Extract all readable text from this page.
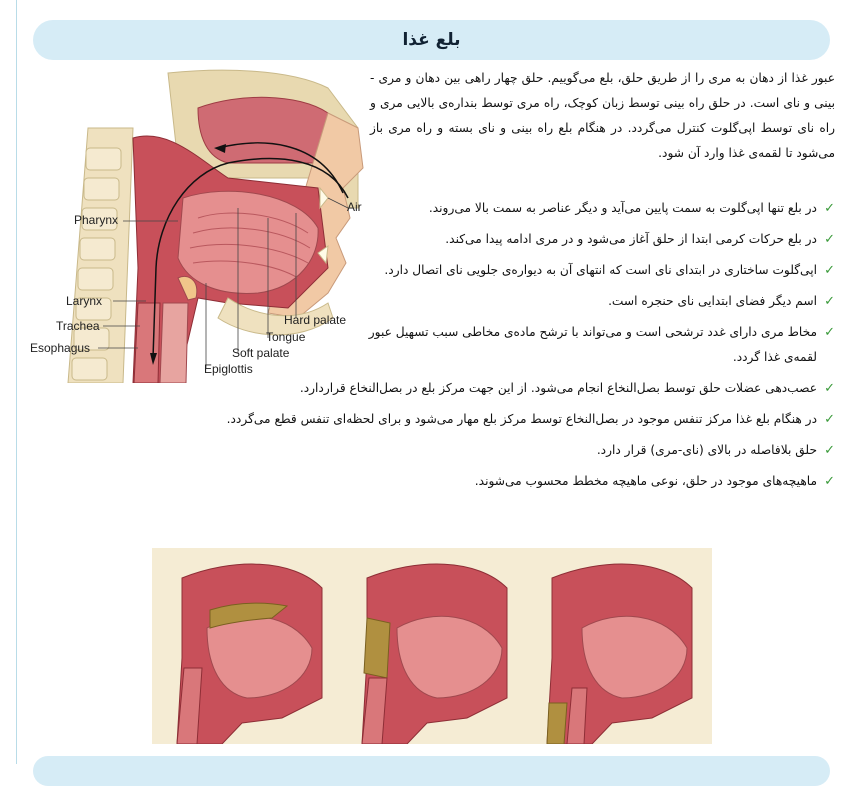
بلع غذا
Pharynx
Air
Larynx
Trachea
Esophagus
Hard palate
Tongue
Soft palate
Epiglottis

عبور غذا از دهان به مری را از طریق حلق، بلع می‌گوییم. حلق چهار راهی بین دهان و مری - بینی و نای است. در حلق راه بینی توسط زبان کوچک، راه مری توسط بنداره‌ی بالایی مری و راه نای توسط اپی‌گلوت کنترل می‌گردد. در هنگام بلع راه بینی و نای بسته و راه مری باز می‌شود تا لقمه‌ی غذا وارد آن شود.

✓
در بلع تنها اپی‌گلوت به سمت پایین می‌آید و دیگر عناصر به سمت بالا می‌روند.
✓
در بلع حرکات کرمی ابتدا از حلق آغاز می‌شود و در مری ادامه پیدا می‌کند.
✓
اپی‌گلوت ساختاری در ابتدای نای است که انتهای آن به دیواره‌ی جلویی نای اتصال دارد.
✓
اسم دیگر فضای ابتدایی نای حنجره است.
✓
مخاط مری دارای غدد ترشحی است و می‌تواند با ترشح ماده‌ی مخاطی سبب تسهیل عبور لقمه‌ی غذا گردد.
✓
عصب‌دهی عضلات حلق توسط بصل‌النخاع انجام می‌شود. از این جهت مرکز بلع در بصل‌النخاع قراردارد.
✓
در هنگام بلع غذا مرکز تنفس موجود در بصل‌النخاع توسط مرکز بلع مهار می‌شود و برای لحظه‌ای تنفس قطع می‌گردد.
✓
حلق بلافاصله در بالای (نای-مری) قرار دارد.
✓
ماهیچه‌های موجود در حلق، نوعی ماهیچه مخطط محسوب می‌شوند.
